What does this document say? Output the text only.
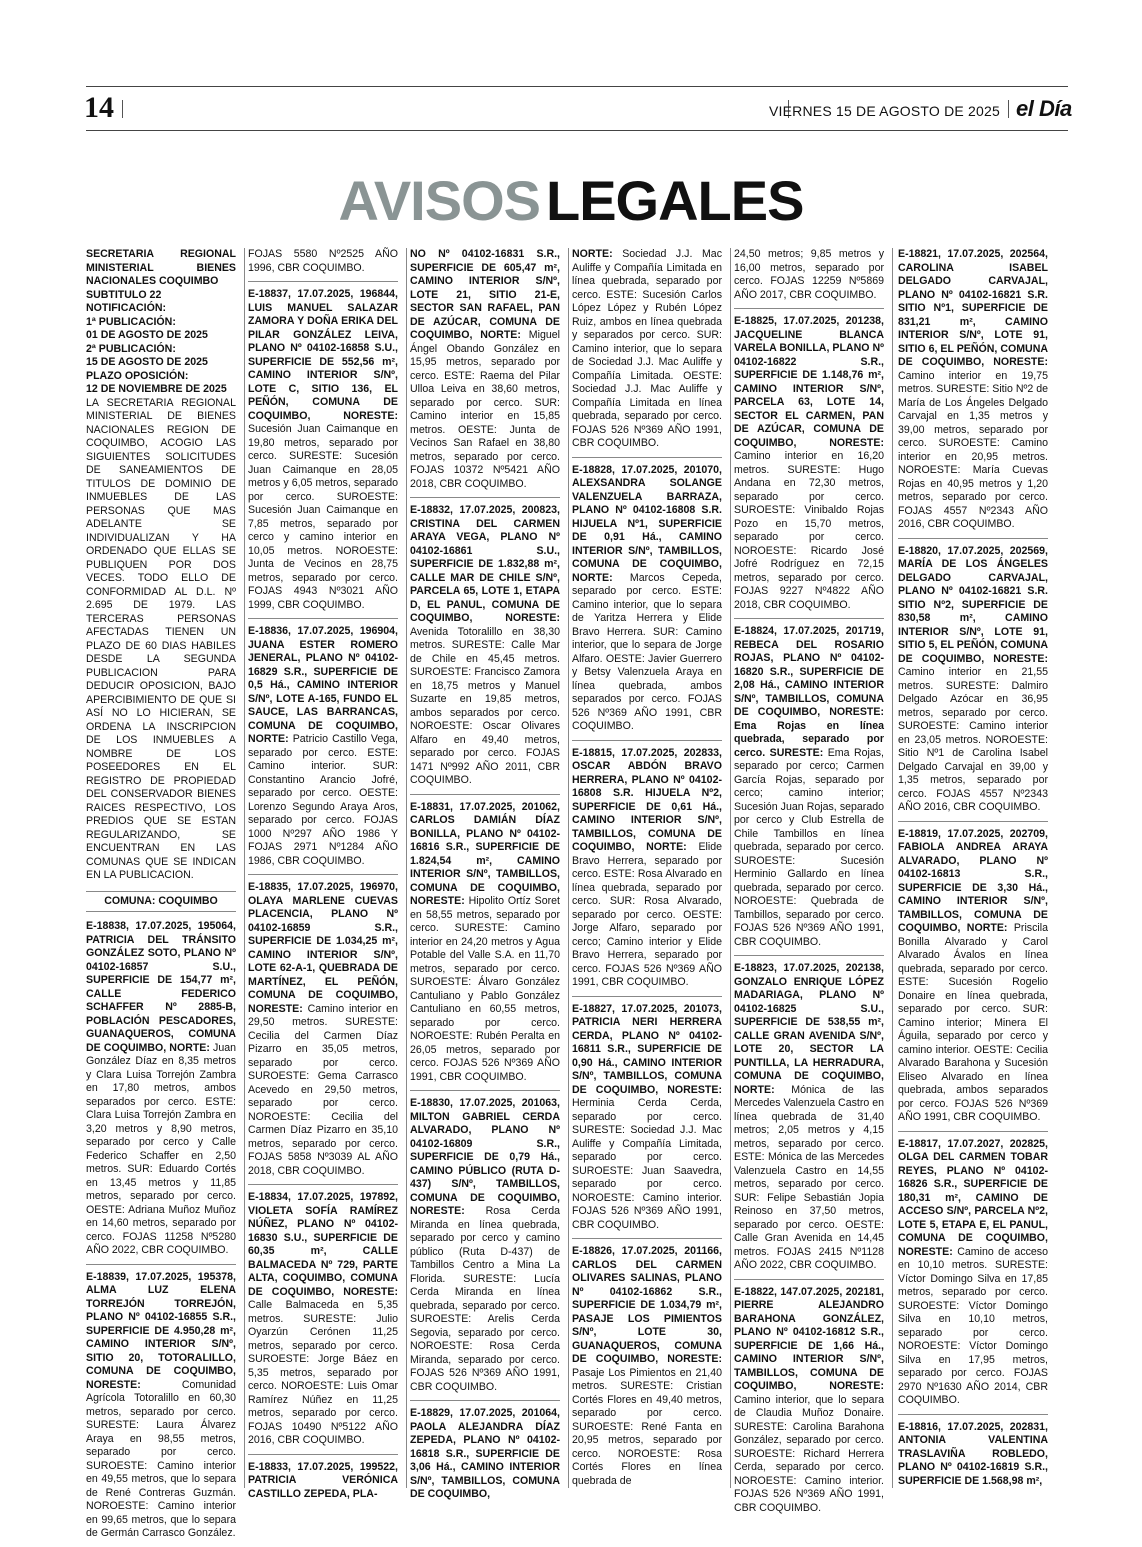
14	VIERNES 15 DE AGOSTO DE 2025 el Día
AVISOS LEGALES
SECRETARIA REGIONAL MINISTERIAL BIENES NACIONALES COQUIMBO
SUBTITULO 22
NOTIFICACIÓN:
1ª PUBLICACIÓN:
01 DE AGOSTO DE 2025
2ª PUBLICACIÓN:
15 DE AGOSTO DE 2025
PLAZO OPOSICIÓN:
12 DE NOVIEMBRE DE 2025
LA SECRETARIA REGIONAL MINISTERIAL DE BIENES NACIONALES REGION DE COQUIMBO, ACOGIO LAS SIGUIENTES SOLICITUDES DE SANEAMIENTOS DE TITULOS DE DOMINIO DE INMUEBLES DE LAS PERSONAS QUE MAS ADELANTE SE INDIVIDUALIZAN Y HA ORDENADO QUE ELLAS SE PUBLIQUEN POR DOS VECES. TODO ELLO DE CONFORMIDAD AL D.L. Nº 2.695 DE 1979. LAS TERCERAS PERSONAS AFECTADAS TIENEN UN PLAZO DE 60 DIAS HABILES DESDE LA SEGUNDA PUBLICACION PARA DEDUCIR OPOSICION, BAJO APERCIBIMIENTO DE QUE SI ASÍ NO LO HICIERAN, SE ORDENA LA INSCRIPCION DE LOS INMUEBLES A NOMBRE DE LOS POSEEDORES EN EL REGISTRO DE PROPIEDAD DEL CONSERVADOR BIENES RAICES RESPECTIVO, LOS PREDIOS QUE SE ESTAN REGULARIZANDO, SE ENCUENTRAN EN LAS COMUNAS QUE SE INDICAN EN LA PUBLICACION.
COMUNA: COQUIMBO
E-18838, 17.07.2025, 195064, PATRICIA DEL TRÁNSITO GONZÁLEZ SOTO, PLANO Nº 04102-16857 S.U., SUPERFICIE DE 154,77 m², CALLE FEDERICO SCHAFFER Nº 2885-B, POBLACIÓN PESCADORES, GUANAQUEROS, COMUNA DE COQUIMBO, NORTE: Juan González Díaz en 8,35 metros y Clara Luisa Torrejón Zambra en 17,80 metros, ambos separados por cerco. ESTE: Clara Luisa Torrejón Zambra en 3,20 metros y 8,90 metros, separado por cerco y Calle Federico Schaffer en 2,50 metros. SUR: Eduardo Cortés en 13,45 metros y 11,85 metros, separado por cerco. OESTE: Adriana Muñoz Muñoz en 14,60 metros, separado por cerco. FOJAS 11258 Nº5280 AÑO 2022, CBR COQUIMBO.
E-18839, 17.07.2025, 195378, ALMA LUZ ELENA TORREJÓN TORREJÓN, PLANO Nº 04102-16855 S.R., SUPERFICIE DE 4.950,28 m², CAMINO INTERIOR S/Nº, SITIO 20, TOTORALILLO, COMUNA DE COQUIMBO, NORESTE:	Comunidad Agrícola Totoralillo en 60,30 metros, separado por cerco. SURESTE: Laura Álvarez Araya en 98,55 metros, separado por cerco. SUROESTE: Camino interior en 49,55 metros, que lo separa de René Contreras Guzmán. NOROESTE: Camino interior en 99,65 metros, que lo separa de Germán Carrasco González.
FOJAS 5580 Nº2525 AÑO 1996, CBR COQUIMBO.
E-18837, 17.07.2025, 196844, LUIS MANUEL SALAZAR ZAMORA Y DOÑA ERIKA DEL PILAR GONZÁLEZ LEIVA, PLANO Nº 04102-16858 S.U., SUPERFICIE DE 552,56 m², CAMINO INTERIOR S/Nº, LOTE C, SITIO 136, EL PEÑÓN, COMUNA DE COQUIMBO, NORESTE: Sucesión Juan Caimanque en 19,80 metros, separado por cerco. SURESTE: Sucesión Juan Caimanque en 28,05 metros y 6,05 metros, separado por cerco. SUROESTE: Sucesión Juan Caimanque en 7,85 metros, separado por cerco y camino interior en 10,05 metros. NOROESTE: Junta de Vecinos en 28,75 metros, separado por cerco. FOJAS 4943 Nº3021 AÑO 1999, CBR COQUIMBO.
E-18836, 17.07.2025, 196904, JUANA ESTER ROMERO JENERAL, PLANO Nº 04102-16829 S.R., SUPERFICIE DE 0,5 Há., CAMINO INTERIOR S/Nº, LOTE A-165, FUNDO EL SAUCE, LAS BARRANCAS, COMUNA DE COQUIMBO, NORTE: Patricio Castillo Vega, separado por cerco. ESTE: Camino interior. SUR: Constantino Arancio Jofré, separado por cerco. OESTE: Lorenzo Segundo Araya Aros, separado por cerco. FOJAS 1000 Nº297 AÑO 1986 Y FOJAS 2971 Nº1284 AÑO 1986, CBR COQUIMBO.
E-18835, 17.07.2025, 196970, OLAYA MARLENE CUEVAS PLACENCIA, PLANO Nº 04102-16859 S.R., SUPERFICIE DE 1.034,25 m², CAMINO INTERIOR S/Nº, LOTE 62-A-1, QUEBRADA DE MARTÍNEZ, EL PEÑÓN, COMUNA DE COQUIMBO, NORESTE: Camino interior en 29,50 metros. SURESTE: Cecilia del Carmen Díaz Pizarro en 35,05 metros, separado por cerco. SUROESTE: Gema Carrasco Acevedo en 29,50 metros, separado por cerco. NOROESTE: Cecilia del Carmen Díaz Pizarro en 35,10 metros, separado por cerco. FOJAS 5858 Nº3039 AL AÑO 2018, CBR COQUIMBO.
E-18834, 17.07.2025, 197892, VIOLETA SOFÍA RAMÍREZ NÚÑEZ, PLANO Nº 04102-16830 S.U., SUPERFICIE DE 60,35 m², CALLE BALMACEDA Nº 729, PARTE ALTA, COQUIMBO, COMUNA DE COQUIMBO, NORESTE: Calle Balmaceda en 5,35 metros. SURESTE: Julio Oyarzún Cerónen 11,25 metros, separado por cerco. SUROESTE: Jorge Báez en 5,35 metros, separado por cerco. NOROESTE: Luis Omar Ramírez Núñez en 11,25 metros, separado por cerco. FOJAS 10490 Nº5122 AÑO 2016, CBR COQUIMBO.
E-18833, 17.07.2025, 199522, PATRICIA VERÓNICA CASTILLO ZEPEDA, PLA-
NO Nº 04102-16831 S.R., SUPERFICIE DE 605,47 m², CAMINO INTERIOR S/Nº, LOTE 21, SITIO 21-E, SECTOR SAN RAFAEL, PAN DE AZÚCAR, COMUNA DE COQUIMBO, NORTE: Miguel Ángel Obando González en 15,95 metros, separado por cerco. ESTE: Raema del Pilar Ulloa Leiva en 38,60 metros, separado por cerco. SUR: Camino interior en 15,85 metros. OESTE: Junta de Vecinos San Rafael en 38,80 metros, separado por cerco. FOJAS 10372 Nº5421 AÑO 2018, CBR COQUIMBO.
E-18832, 17.07.2025, 200823, CRISTINA DEL CARMEN ARAYA VEGA, PLANO Nº 04102-16861 S.U., SUPERFICIE DE 1.832,88 m², CALLE MAR DE CHILE S/Nº, PARCELA 65, LOTE 1, ETAPA D, EL PANUL, COMUNA DE COQUIMBO, NORESTE: Avenida Totoralillo en 38,30 metros. SURESTE: Calle Mar de Chile en 45,45 metros. SUROESTE: Francisco Zamora en 18,75 metros y Manuel Suzarte en 19,85 metros, ambos separados por cerco. NOROESTE: Oscar Olivares Alfaro en 49,40 metros, separado por cerco. FOJAS 1471 Nº992 AÑO 2011, CBR COQUIMBO.
E-18831, 17.07.2025, 201062, CARLOS DAMIÁN DÍAZ BONILLA, PLANO Nº 04102-16816 S.R., SUPERFICIE DE 1.824,54 m², CAMINO INTERIOR S/Nº, TAMBILLOS, COMUNA DE COQUIMBO, NORESTE: Hipolito Ortíz Soret en 58,55 metros, separado por cerco. SURESTE: Camino interior en 24,20 metros y Agua Potable del Valle S.A. en 11,70 metros, separado por cerco. SUROESTE: Álvaro González Cantuliano y Pablo González Cantuliano en 60,55 metros, separado por cerco. NOROESTE: Rubén Peralta en 26,05 metros, separado por cerco. FOJAS 526 Nº369 AÑO 1991, CBR COQUIMBO.
E-18830, 17.07.2025, 201063, MILTON GABRIEL CERDA ALVARADO, PLANO Nº 04102-16809 S.R., SUPERFICIE DE 0,79 Há., CAMINO PÚBLICO (RUTA D-437) S/Nº, TAMBILLOS, COMUNA DE COQUIMBO, NORESTE: Rosa Cerda Miranda en línea quebrada, separado por cerco y camino público (Ruta D-437) de Tambillos Centro a Mina La Florida. SURESTE: Lucía Cerda Miranda en línea quebrada, separado por cerco. SUROESTE: Arelis Cerda Segovia, separado por cerco. NOROESTE: Rosa Cerda Miranda, separado por cerco. FOJAS 526 Nº369 AÑO 1991, CBR COQUIMBO.
E-18829, 17.07.2025, 201064, PAOLA ALEJANDRA DÍAZ ZEPEDA, PLANO Nº 04102-16818 S.R., SUPERFICIE DE 3,06 Há., CAMINO INTERIOR S/Nº, TAMBILLOS, COMUNA DE COQUIMBO,
NORTE: Sociedad J.J. Mac Auliffe y Compañía Limitada en línea quebrada, separado por cerco. ESTE: Sucesión Carlos López López y Rubén López Ruiz, ambos en línea quebrada y separados por cerco. SUR: Camino interior, que lo separa de Sociedad J.J. Mac Auliffe y Compañía Limitada. OESTE: Sociedad J.J. Mac Auliffe y Compañía Limitada en línea quebrada, separado por cerco. FOJAS 526 Nº369 AÑO 1991, CBR COQUIMBO.
E-18828, 17.07.2025, 201070, ALEXSANDRA SOLANGE VALENZUELA BARRAZA, PLANO Nº 04102-16808 S.R. HIJUELA Nº1, SUPERFICIE DE 0,91 Há., CAMINO INTERIOR S/Nº, TAMBILLOS, COMUNA DE COQUIMBO, NORTE: Marcos Cepeda, separado por cerco. ESTE: Camino interior, que lo separa de Yaritza Herrera y Elide Bravo Herrera. SUR: Camino interior, que lo separa de Jorge Alfaro. OESTE: Javier Guerrero y Betsy Valenzuela Araya en línea quebrada, ambos separados por cerco. FOJAS 526 Nº369 AÑO 1991, CBR COQUIMBO.
E-18815, 17.07.2025, 202833, OSCAR ABDÓN BRAVO HERRERA, PLANO Nº 04102-16808 S.R. HIJUELA Nº2, SUPERFICIE DE 0,61 Há., CAMINO INTERIOR S/Nº, TAMBILLOS, COMUNA DE COQUIMBO, NORTE: Elide Bravo Herrera, separado por cerco. ESTE: Rosa Alvarado en línea quebrada, separado por cerco. SUR: Rosa Alvarado, separado por cerco. OESTE: Jorge Alfaro, separado por cerco; Camino interior y Elide Bravo Herrera, separado por cerco. FOJAS 526 Nº369 AÑO 1991, CBR COQUIMBO.
E-18827, 17.07.2025, 201073, PATRICIA NERI HERRERA CERDA, PLANO Nº 04102-16811 S.R., SUPERFICIE DE 0,90 Há., CAMINO INTERIOR S/Nº, TAMBILLOS, COMUNA DE COQUIMBO, NORESTE: Herminia Cerda Cerda, separado por cerco. SURESTE: Sociedad J.J. Mac Auliffe y Compañía Limitada, separado por cerco. SUROESTE: Juan Saavedra, separado por cerco. NOROESTE: Camino interior. FOJAS 526 Nº369 AÑO 1991, CBR COQUIMBO.
E-18826, 17.07.2025, 201166, CARLOS DEL CARMEN OLIVARES SALINAS, PLANO Nº 04102-16862 S.R., SUPERFICIE DE 1.034,79 m², PASAJE LOS PIMIENTOS S/Nº, LOTE 30, GUANAQUEROS, COMUNA DE COQUIMBO, NORESTE: Pasaje Los Pimientos en 21,40 metros. SURESTE: Cristian Cortés Flores en 49,40 metros, separado por cerco. SUROESTE: René Fanta en 20,95 metros, separado por cerco. NOROESTE: Rosa Cortés Flores en línea quebrada de
24,50 metros; 9,85 metros y 16,00 metros, separado por cerco. FOJAS 12259 Nº5869 AÑO 2017, CBR COQUIMBO.
E-18825, 17.07.2025, 201238, JACQUELINE BLANCA VARELA BONILLA, PLANO Nº 04102-16822 S.R., SUPERFICIE DE 1.148,76 m², CAMINO INTERIOR S/Nº, PARCELA 63, LOTE 14, SECTOR EL CARMEN, PAN DE AZÚCAR, COMUNA DE COQUIMBO, NORESTE: Camino interior en 16,20 metros. SURESTE: Hugo Andana en 72,30 metros, separado por cerco. SUROESTE: Vinibaldo Rojas Pozo en 15,70 metros, separado por cerco. NOROESTE: Ricardo José Jofré Rodríguez en 72,15 metros, separado por cerco. FOJAS 9227 Nº4822 AÑO 2018, CBR COQUIMBO.
E-18824, 17.07.2025, 201719, REBECA DEL ROSARIO ROJAS, PLANO Nº 04102-16820 S.R., SUPERFICIE DE 2,08 Há., CAMINO INTERIOR S/Nº, TAMBILLOS, COMUNA DE COQUIMBO, NORESTE: Ema Rojas en línea quebrada, separado por cerco. SURESTE: Ema Rojas, separado por cerco; Carmen García Rojas, separado por cerco; camino interior; Sucesión Juan Rojas, separado por cerco y Club Estrella de Chile Tambillos en línea quebrada, separado por cerco. SUROESTE: Sucesión Herminio Gallardo en línea quebrada, separado por cerco. NOROESTE: Quebrada de Tambillos, separado por cerco. FOJAS 526 Nº369 AÑO 1991, CBR COQUIMBO.
E-18823, 17.07.2025, 202138, GONZALO ENRIQUE LÓPEZ MADARIAGA, PLANO Nº 04102-16825 S.U., SUPERFICIE DE 538,55 m², CALLE GRAN AVENIDA S/Nº, LOTE 20, SECTOR LA PUNTILLA, LA HERRADURA, COMUNA DE COQUIMBO, NORTE: Mónica de las Mercedes Valenzuela Castro en línea quebrada de 31,40 metros; 2,05 metros y 4,15 metros, separado por cerco. ESTE: Mónica de las Mercedes Valenzuela Castro en 14,55 metros, separado por cerco. SUR: Felipe Sebastián Jopia Reinoso en 37,50 metros, separado por cerco. OESTE: Calle Gran Avenida en 14,45 metros. FOJAS 2415 Nº1128 AÑO 2022, CBR COQUIMBO.
E-18822, 147.07.2025, 202181, PIERRE ALEJANDRO BARAHONA GONZÁLEZ, PLANO Nº 04102-16812 S.R., SUPERFICIE DE 1,66 Há., CAMINO INTERIOR S/Nº, TAMBILLOS, COMUNA DE COQUIMBO, NORESTE: Camino interior, que lo separa de Claudia Muñoz Donaire. SURESTE: Carolina Barahona González, separado por cerco. SUROESTE: Richard Herrera Cerda, separado por cerco. NOROESTE: Camino interior. FOJAS 526 Nº369 AÑO 1991, CBR COQUIMBO.
E-18821, 17.07.2025, 202564, CAROLINA ISABEL DELGADO CARVAJAL, PLANO Nº 04102-16821 S.R. SITIO Nº1, SUPERFICIE DE 831,21 m², CAMINO INTERIOR S/Nº, LOTE 91, SITIO 6, EL PEÑÓN, COMUNA DE COQUIMBO, NORESTE: Camino interior en 19,75 metros. SURESTE: Sitio Nº2 de María de Los Ángeles Delgado Carvajal en 1,35 metros y 39,00 metros, separado por cerco. SUROESTE: Camino interior en 20,95 metros. NOROESTE: María Cuevas Rojas en 40,95 metros y 1,20 metros, separado por cerco. FOJAS 4557 Nº2343 AÑO 2016, CBR COQUIMBO.
E-18820, 17.07.2025, 202569, MARÍA DE LOS ÁNGELES DELGADO CARVAJAL, PLANO Nº 04102-16821 S.R. SITIO Nº2, SUPERFICIE DE 830,58 m², CAMINO INTERIOR S/Nº, LOTE 91, SITIO 5, EL PEÑÓN, COMUNA DE COQUIMBO, NORESTE: Camino interior en 21,55 metros. SURESTE: Dalmiro Delgado Azócar en 36,95 metros, separado por cerco. SUROESTE: Camino interior en 23,05 metros. NOROESTE: Sitio Nº1 de Carolina Isabel Delgado Carvajal en 39,00 y 1,35 metros, separado por cerco. FOJAS 4557 Nº2343 AÑO 2016, CBR COQUIMBO.
E-18819, 17.07.2025, 202709, FABIOLA ANDREA ARAYA ALVARADO, PLANO Nº 04102-16813 S.R., SUPERFICIE DE 3,30 Há., CAMINO INTERIOR S/Nº, TAMBILLOS, COMUNA DE COQUIMBO, NORTE: Priscila Bonilla Alvarado y Carol Alvarado Ávalos en línea quebrada, separado por cerco. ESTE: Sucesión Rogelio Donaire en línea quebrada, separado por cerco. SUR: Camino interior; Minera El Águila, separado por cerco y camino interior. OESTE: Cecilia Alvarado Barahona y Sucesión Eliseo Alvarado en línea quebrada, ambos separados por cerco. FOJAS 526 Nº369 AÑO 1991, CBR COQUIMBO.
E-18817, 17.07.2027, 202825, OLGA DEL CARMEN TOBAR REYES, PLANO Nº 04102-16826 S.R., SUPERFICIE DE 180,31 m², CAMINO DE ACCESO S/Nº, PARCELA Nº2, LOTE 5, ETAPA E, EL PANUL, COMUNA DE COQUIMBO, NORESTE: Camino de acceso en 10,10 metros. SURESTE: Víctor Domingo Silva en 17,85 metros, separado por cerco. SUROESTE: Víctor Domingo Silva en 10,10 metros, separado por cerco. NOROESTE: Víctor Domingo Silva en 17,95 metros, separado por cerco. FOJAS 2970 Nº1630 AÑO 2014, CBR COQUIMBO.
E-18816, 17.07.2025, 202831, ANTONIA VALENTINA TRASLAVIÑA ROBLEDO, PLANO Nº 04102-16819 S.R., SUPERFICIE DE 1.568,98 m²,
